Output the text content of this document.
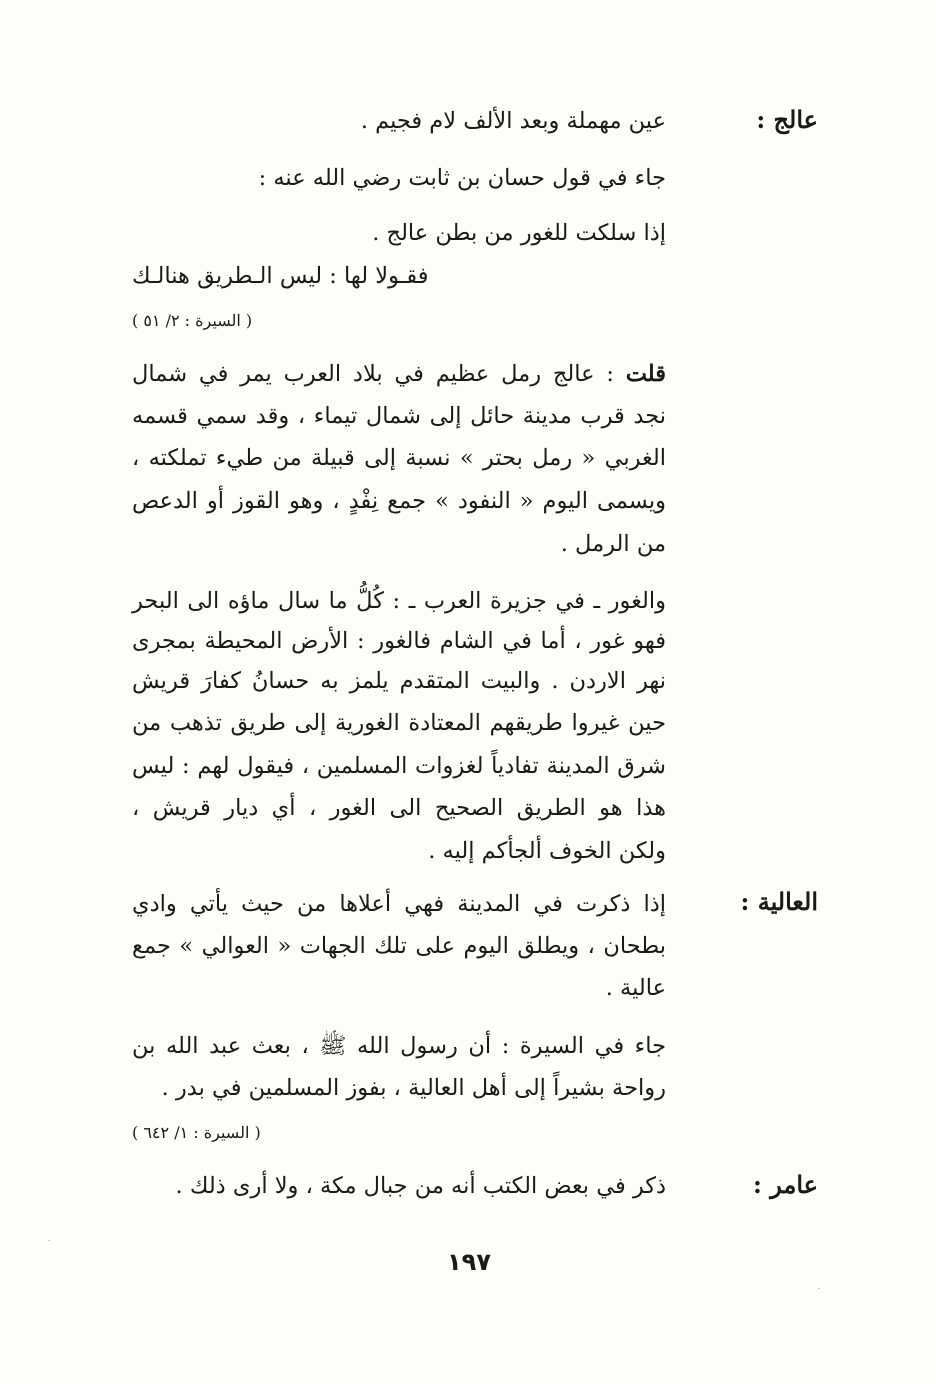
عالج :
عين مهملة وبعد الألف لام فجيم .
جاء في قول حسان بن ثابت رضي الله عنه :
إذا سلكت للغور من بطن عالج .
فقـولا لها : ليس الـطريق هنالـك
( السيرة : ٢/ ٥١ )
قلت : عالج رمل عظيم في بلاد العرب يمر في شمال
نجد قرب مدينة حائل إلى شمال تيماء ، وقد سمي قسمه
الغربي « رمل بحتر » نسبة إلى قبيلة من طيء تملكته ،
ويسمى اليوم « النفود » جمع نِفْدٍ ، وهو القوز أو الدعص
من الرمل .
والغور ـ في جزيرة العرب ـ : كُلُّ ما سال ماؤه الى البحر
فهو غور ، أما في الشام فالغور : الأرض المحيطة بمجرى
نهر الاردن . والبيت المتقدم يلمز به حسانُ كفارَ قريش
حين غيروا طريقهم المعتادة الغورية إلى طريق تذهب من
شرق المدينة تفادياً لغزوات المسلمين ، فيقول لهم : ليس
هذا هو الطريق الصحيح الى الغور ، أي ديار قريش ،
ولكن الخوف ألجأكم إليه .
العالية :
إذا ذكرت في المدينة فهي أعلاها من حيث يأتي وادي
بطحان ، ويطلق اليوم على تلك الجهات « العوالي » جمع
عالية .
جاء في السيرة : أن رسول الله ﷺ ، بعث عبد الله بن
رواحة بشيراً إلى أهل العالية ، بفوز المسلمين في بدر .
( السيرة : ١/ ٦٤٢ )
عامر :
ذكر في بعض الكتب أنه من جبال مكة ، ولا أرى ذلك .
١٩٧
